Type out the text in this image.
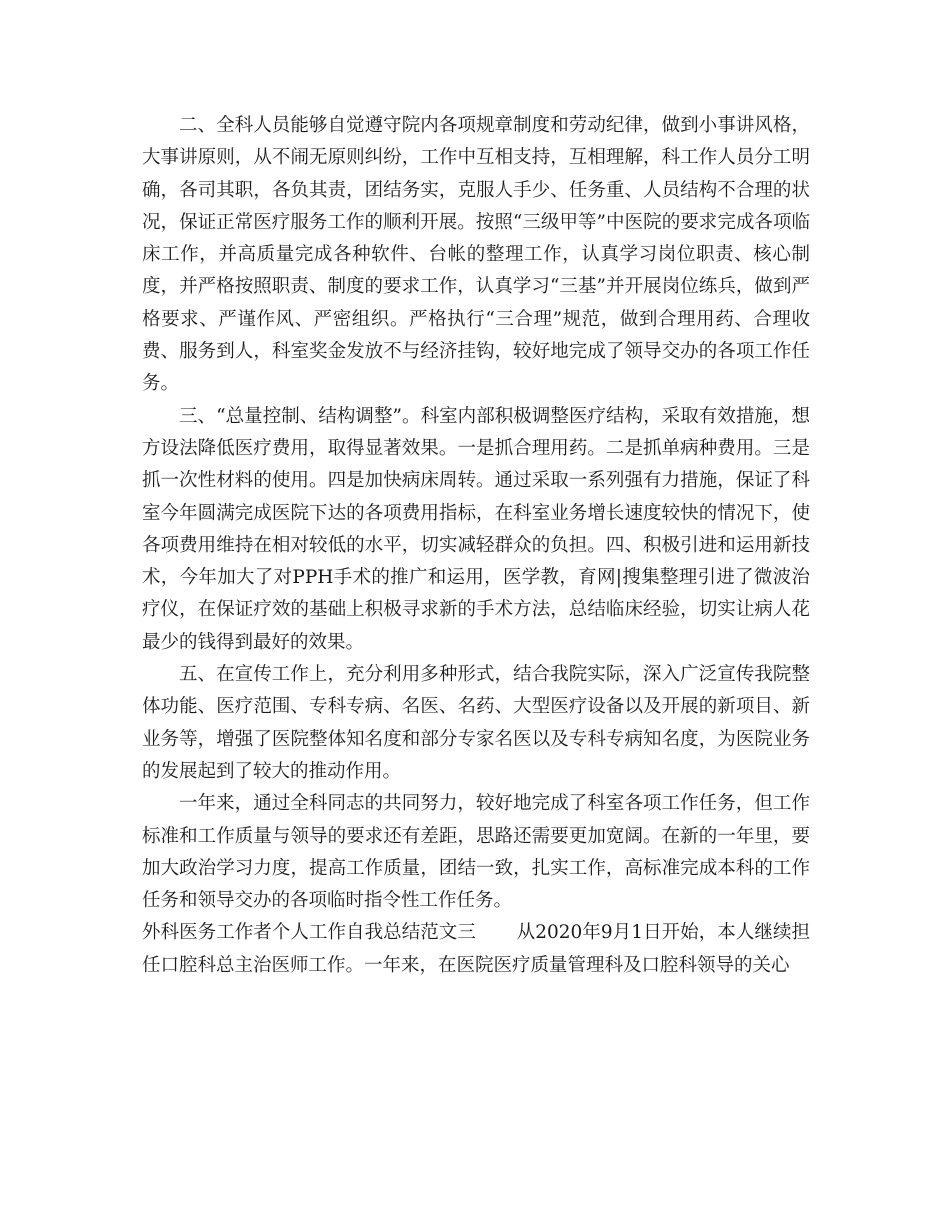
二、全科人员能够自觉遵守院内各项规章制度和劳动纪律，做到小事讲风格，大事讲原则，从不闹无原则纠纷，工作中互相支持，互相理解，科工作人员分工明确，各司其职，各负其责，团结务实，克服人手少、任务重、人员结构不合理的状况，保证正常医疗服务工作的顺利开展。按照“三级甲等”中医院的要求完成各项临床工作，并高质量完成各种软件、台帐的整理工作，认真学习岗位职责、核心制度，并严格按照职责、制度的要求工作，认真学习“三基”并开展岗位练兵，做到严格要求、严谨作风、严密组织。严格执行“三合理”规范，做到合理用药、合理收费、服务到人，科室奖金发放不与经济挂钩，较好地完成了领导交办的各项工作任务。

三、“总量控制、结构调整”。科室内部积极调整医疗结构，采取有效措施，想方设法降低医疗费用，取得显著效果。一是抓合理用药。二是抓单病种费用。三是抓一次性材料的使用。四是加快病床周转。通过采取一系列强有力措施，保证了科室今年圆满完成医院下达的各项费用指标，在科室业务增长速度较快的情况下，使各项费用维持在相对较低的水平，切实减轻群众的负担。四、积极引进和运用新技术，今年加大了对PPH手术的推广和运用，医学教，育网|搜集整理引进了微波治疗仪，在保证疗效的基础上积极寻求新的手术方法，总结临床经验，切实让病人花最少的钱得到最好的效果。

五、在宣传工作上，充分利用多种形式，结合我院实际，深入广泛宣传我院整体功能、医疗范围、专科专病、名医、名药、大型医疗设备以及开展的新项目、新业务等，增强了医院整体知名度和部分专家名医以及专科专病知名度，为医院业务的发展起到了较大的推动作用。

一年来，通过全科同志的共同努力，较好地完成了科室各项工作任务，但工作标准和工作质量与领导的要求还有差距，思路还需要更加宽阔。在新的一年里，要加大政治学习力度，提高工作质量，团结一致，扎实工作，高标准完成本科的工作任务和领导交办的各项临时指令性工作任务。

外科医务工作者个人工作自我总结范文三 从2020年9月1日开始，本人继续担任口腔科总主治医师工作。一年来，在医院医疗质量管理科及口腔科领导的关心
